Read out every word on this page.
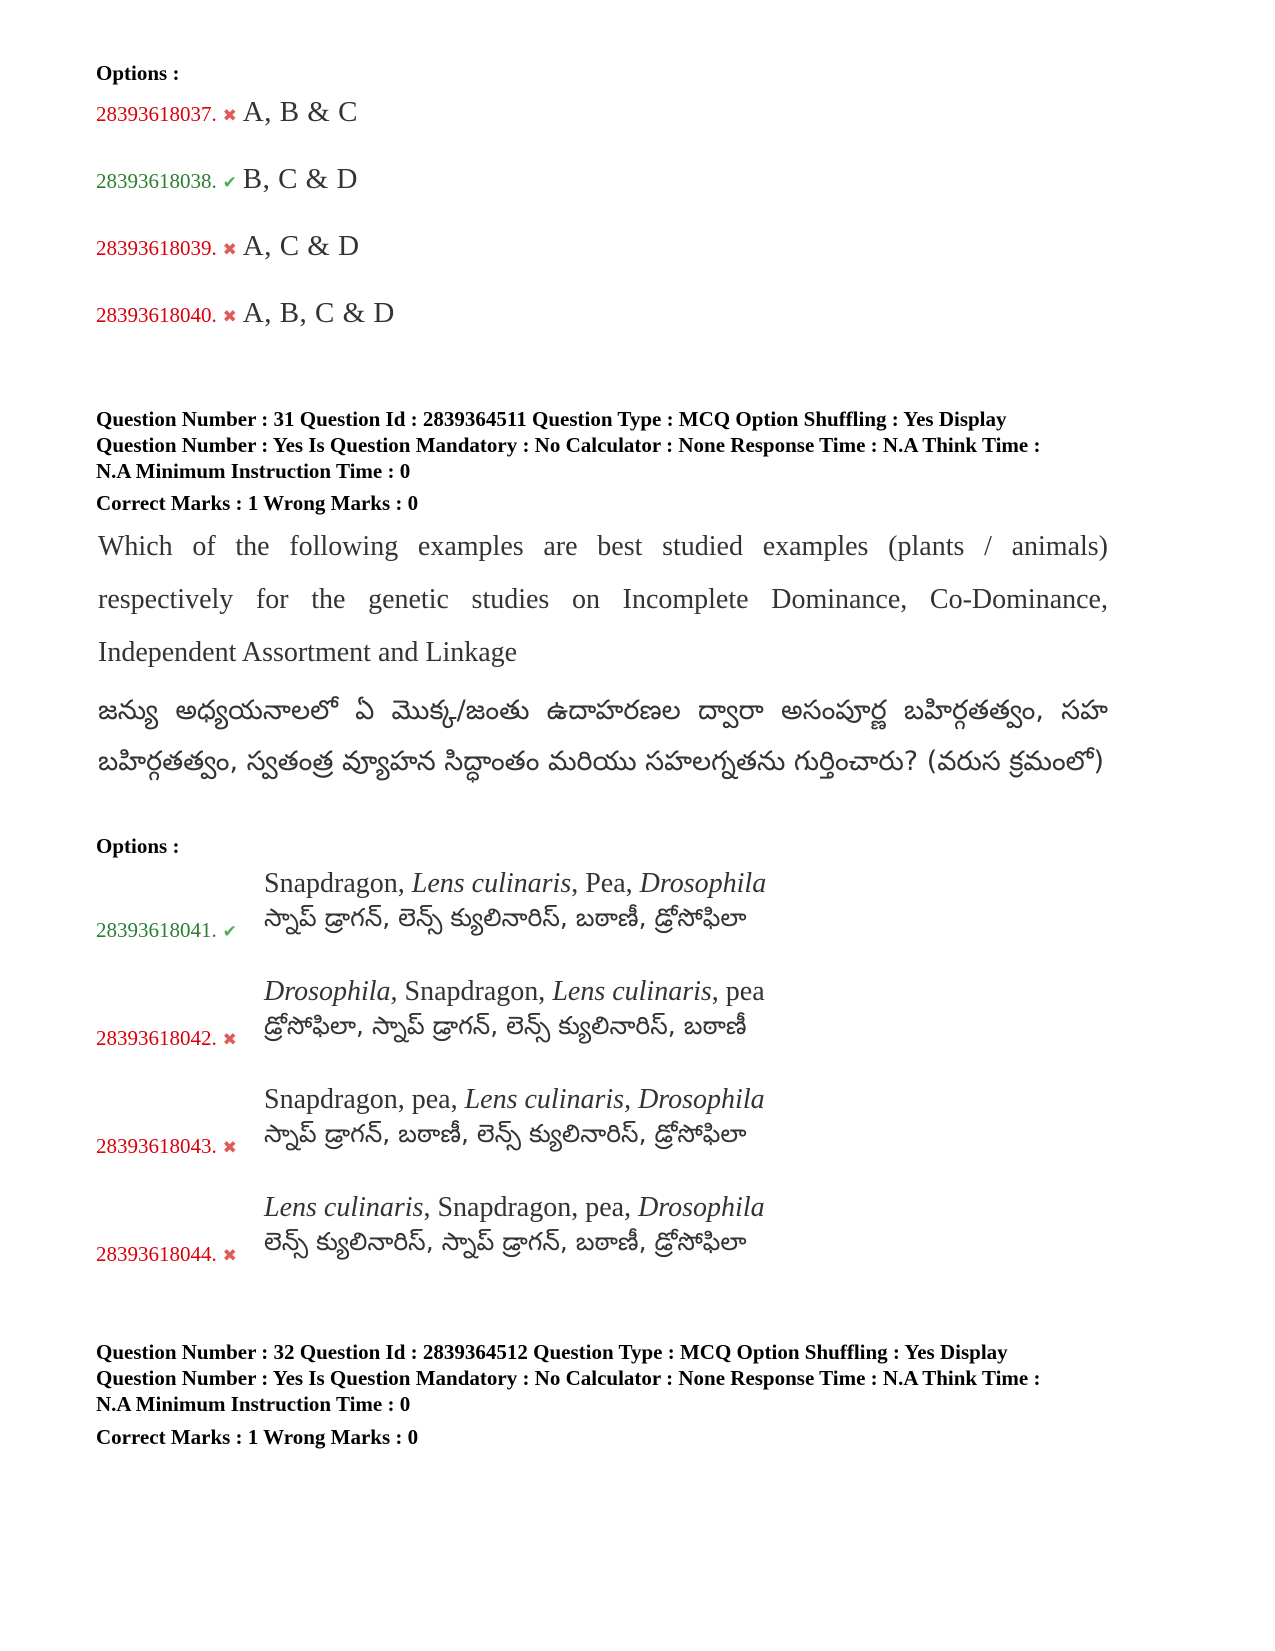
Options :
28393618037. ✖ A, B & C
28393618038. ✔ B, C & D
28393618039. ✖ A, C & D
28393618040. ✖ A, B, C & D
Question Number : 31 Question Id : 2839364511 Question Type : MCQ Option Shuffling : Yes Display
Question Number : Yes Is Question Mandatory : No Calculator : None Response Time : N.A Think Time :
N.A Minimum Instruction Time : 0
Correct Marks : 1 Wrong Marks : 0
Which of the following examples are best studied examples (plants / animals) respectively for the genetic studies on Incomplete Dominance, Co-Dominance, Independent Assortment and Linkage
జన్యు అధ్యయనాలలో ఏ మొక్క/జంతు ఉదాహరణల ద్వారా అసంపూర్ణ బహిర్గతత్వం, సహ బహిర్గతత్వం, స్వతంత్ర వ్యూహన సిద్ధాంతం మరియు సహలగ్నతను గుర్తించారు? (వరుస క్రమంలో)
Options :
Snapdragon, Lens culinaris, Pea, Drosophila
స్నాప్ డ్రాగన్, లెన్స్ క్యులినారిస్, బఠాణీ, డ్రోసోఫిలా
28393618041. ✔
Drosophila, Snapdragon, Lens culinaris, pea
డ్రోసోఫిలా, స్నాప్ డ్రాగన్, లెన్స్ క్యులినారిస్, బఠాణీ
28393618042. ✖
Snapdragon, pea, Lens culinaris, Drosophila
స్నాప్ డ్రాగన్, బఠాణీ, లెన్స్ క్యులినారిస్, డ్రోసోఫిలా
28393618043. ✖
Lens culinaris, Snapdragon, pea, Drosophila
లెన్స్ క్యులినారిస్, స్నాప్ డ్రాగన్, బఠాణీ, డ్రోసోఫిలా
28393618044. ✖
Question Number : 32 Question Id : 2839364512 Question Type : MCQ Option Shuffling : Yes Display
Question Number : Yes Is Question Mandatory : No Calculator : None Response Time : N.A Think Time :
N.A Minimum Instruction Time : 0
Correct Marks : 1 Wrong Marks : 0
